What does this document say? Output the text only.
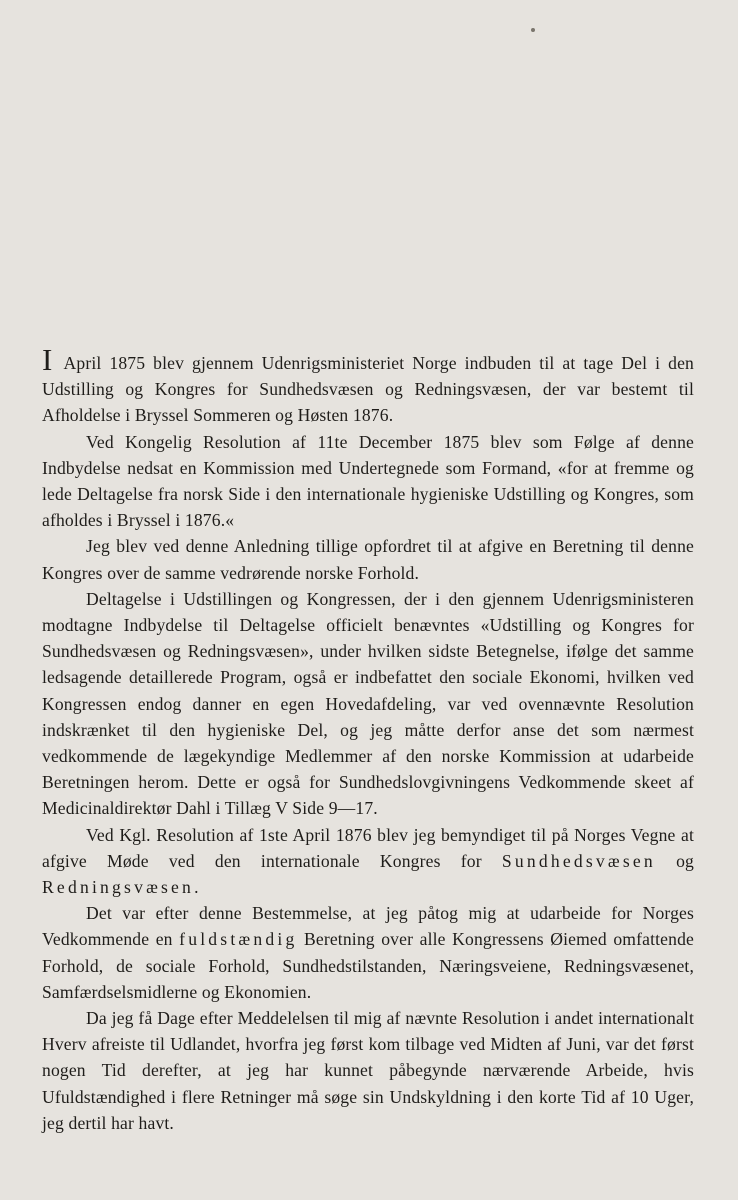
I April 1875 blev gjennem Udenrigsministeriet Norge indbuden til at tage Del i den Udstilling og Kongres for Sundhedsvæsen og Redningsvæsen, der var bestemt til Afholdelse i Bryssel Sommeren og Høsten 1876.

Ved Kongelig Resolution af 11te December 1875 blev som Følge af denne Indbydelse nedsat en Kommission med Undertegnede som Formand, «for at fremme og lede Deltagelse fra norsk Side i den internationale hygieniske Udstilling og Kongres, som afholdes i Bryssel i 1876.«

Jeg blev ved denne Anledning tillige opfordret til at afgive en Beretning til denne Kongres over de samme vedrørende norske Forhold.

Deltagelse i Udstillingen og Kongressen, der i den gjennem Udenrigsministeren modtagne Indbydelse til Deltagelse officielt benævntes «Udstilling og Kongres for Sundhedsvæsen og Redningsvæsen», under hvilken sidste Betegnelse, ifølge det samme ledsagende detaillerede Program, også er indbefattet den sociale Ekonomi, hvilken ved Kongressen endog danner en egen Hovedafdeling, var ved ovennævnte Resolution indskrænket til den hygieniske Del, og jeg måtte derfor anse det som nærmest vedkommende de lægekyndige Medlemmer af den norske Kommission at udarbeide Beretningen herom. Dette er også for Sundhedslovgivningens Vedkommende skeet af Medicinaldirektør Dahl i Tillæg V Side 9—17.

Ved Kgl. Resolution af 1ste April 1876 blev jeg bemyndiget til på Norges Vegne at afgive Møde ved den internationale Kongres for Sundhedsvæsen og Redningsvæsen.

Det var efter denne Bestemmelse, at jeg påtog mig at udarbeide for Norges Vedkommende en fuldstændig Beretning over alle Kongressens Øiemed omfattende Forhold, de sociale Forhold, Sundhedstilstanden, Næringsveiene, Redningsvæsenet, Samfærdselsmidlerne og Ekonomien.

Da jeg få Dage efter Meddelelsen til mig af nævnte Resolution i andet internationalt Hverv afreiste til Udlandet, hvorfra jeg først kom tilbage ved Midten af Juni, var det først nogen Tid derefter, at jeg har kunnet påbegynde nærværende Arbeide, hvis Ufuldstændighed i flere Retninger må søge sin Undskyldning i den korte Tid af 10 Uger, jeg dertil har havt.
